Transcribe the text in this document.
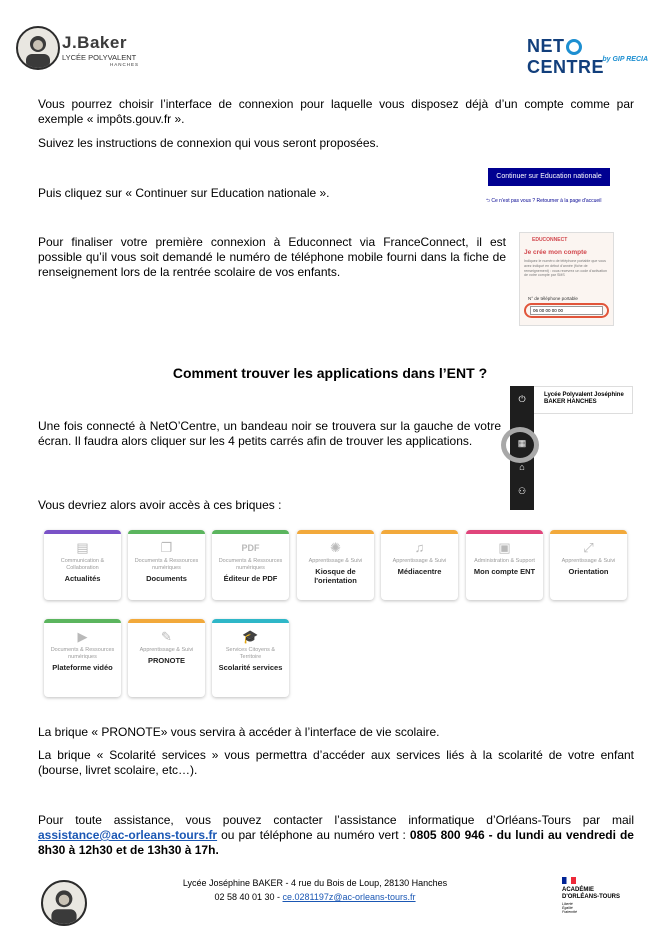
J.Baker
LYCÉE POLYVALENT
HANCHES
NETCENTRE
by GIP RECIA

Vous pourrez choisir l’interface de connexion pour laquelle vous disposez déjà d’un compte comme par exemple « impôts.gouv.fr ».

Suivez les instructions de connexion qui vous seront proposées.

Puis cliquez sur « Continuer sur Education nationale ».

Continuer sur Education nationale
⮌ Ce n'est pas vous ? Retourner à la page d'accueil

Pour finaliser votre première connexion à Educonnect via FranceConnect, il est possible qu’il vous soit demandé le numéro de téléphone mobile fourni dans la fiche de renseignement lors de la rentrée scolaire de vos enfants.

EDUCONNECT
Je crée mon compte
Indiquez le numéro de téléphone portable que vous avez indiqué en début d'année (fiche de renseignement) : vous recevrez un code d'activation de votre compte par SMS
N° de téléphone portable
06 00 00 00 00
Comment trouver les applications dans l’ENT ?

Une fois connecté à NetO’Centre, un bandeau noir se trouvera sur la gauche de votre écran. Il faudra alors cliquer sur les 4 petits carrés afin de trouver les applications.

⏻
▦
⌂
⚇
Lycée Polyvalent Joséphine
BAKER HANCHES

Vous devriez alors avoir accès à ces briques :

▤
Communication & Collaboration
Actualités
❐
Documents & Ressources numériques
Documents
PDF
Documents & Ressources numériques
Éditeur de PDF
✺
Apprentissage & Suivi
Kiosque de l'orientation
♫
Apprentissage & Suivi
Médiacentre
▣
Administration & Support
Mon compte ENT
⤢
Apprentissage & Suivi
Orientation
▶
Documents & Ressources numériques
Plateforme vidéo
✎
Apprentissage & Suivi
PRONOTE
🎓
Services Citoyens & Territoire
Scolarité services

La brique « PRONOTE» vous servira à accéder à l’interface de vie scolaire.

La brique « Scolarité services » vous permettra d’accéder aux services liés à la scolarité de votre enfant (bourse, livret scolaire, etc…).

Pour toute assistance, vous pouvez contacter l’assistance informatique d’Orléans-Tours par mail assistance@ac-orleans-tours.fr ou par téléphone au numéro vert : 0805 800 946 - du lundi au vendredi de 8h30 à 12h30 et de 13h30 à 17h.

Lycée Joséphine BAKER - 4 rue du Bois de Loup, 28130 Hanches
02 58 40 01 30 - ce.0281197z@ac-orleans-tours.fr
ACADÉMIE
D'ORLÉANS-TOURS
Liberté Égalité Fraternité
